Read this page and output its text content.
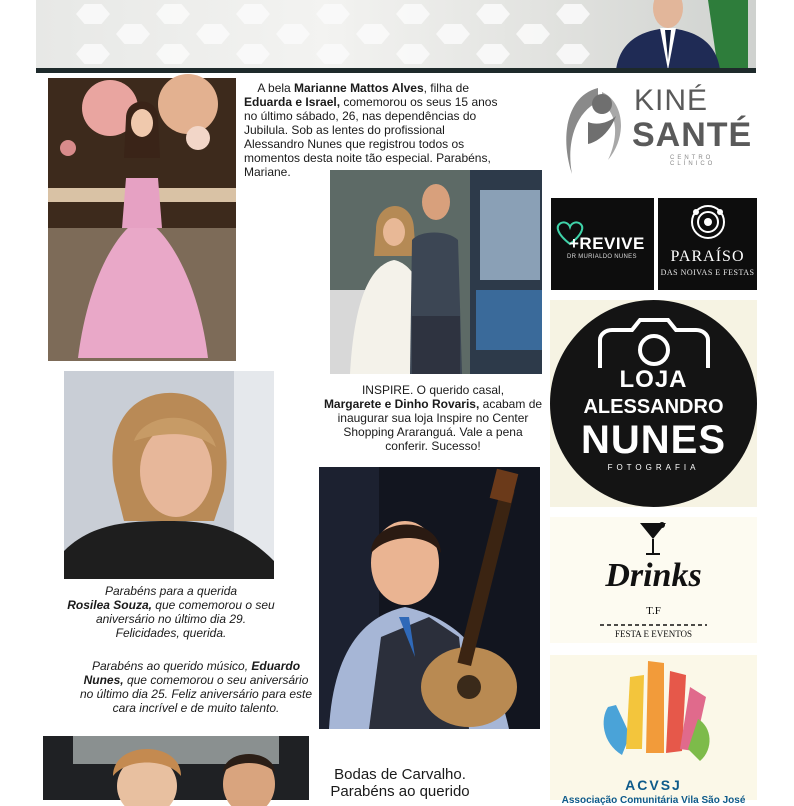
A bela Marianne Mattos Alves, filha de Eduarda e Israel, comemorou os seus 15 anos no último sábado, 26, nas dependências do Jubilula. Sob as lentes do profissional Alessandro Nunes que registrou todos os momentos desta noite tão especial. Parabéns, Mariane.
INSPIRE. O querido casal,
Margarete e Dinho Rovaris, acabam de inaugurar sua loja Inspire no Center Shopping Araranguá. Vale a pena conferir. Sucesso!
Parabéns para a querida
Rosilea Souza, que comemorou o seu aniversário no último dia 29. Felicidades, querida.
Parabéns ao querido músico, Eduardo Nunes, que comemorou o seu aniversário no último dia 25. Feliz aniversário para este cara incrível e de muito talento.
Bodas de Carvalho.
Parabéns ao querido
KINÉ
SANTÉ
CENTRO CLÍNICO
+REVIVE
DR MURIALDO NUNES	PARAÍSO
DAS NOIVAS E FESTAS
LOJA
ALESSANDRO
NUNES
FOTOGRAFIA
Drinks
T.F
FESTA E EVENTOS
ACVSJ
Associação Comunitária Vila São José
